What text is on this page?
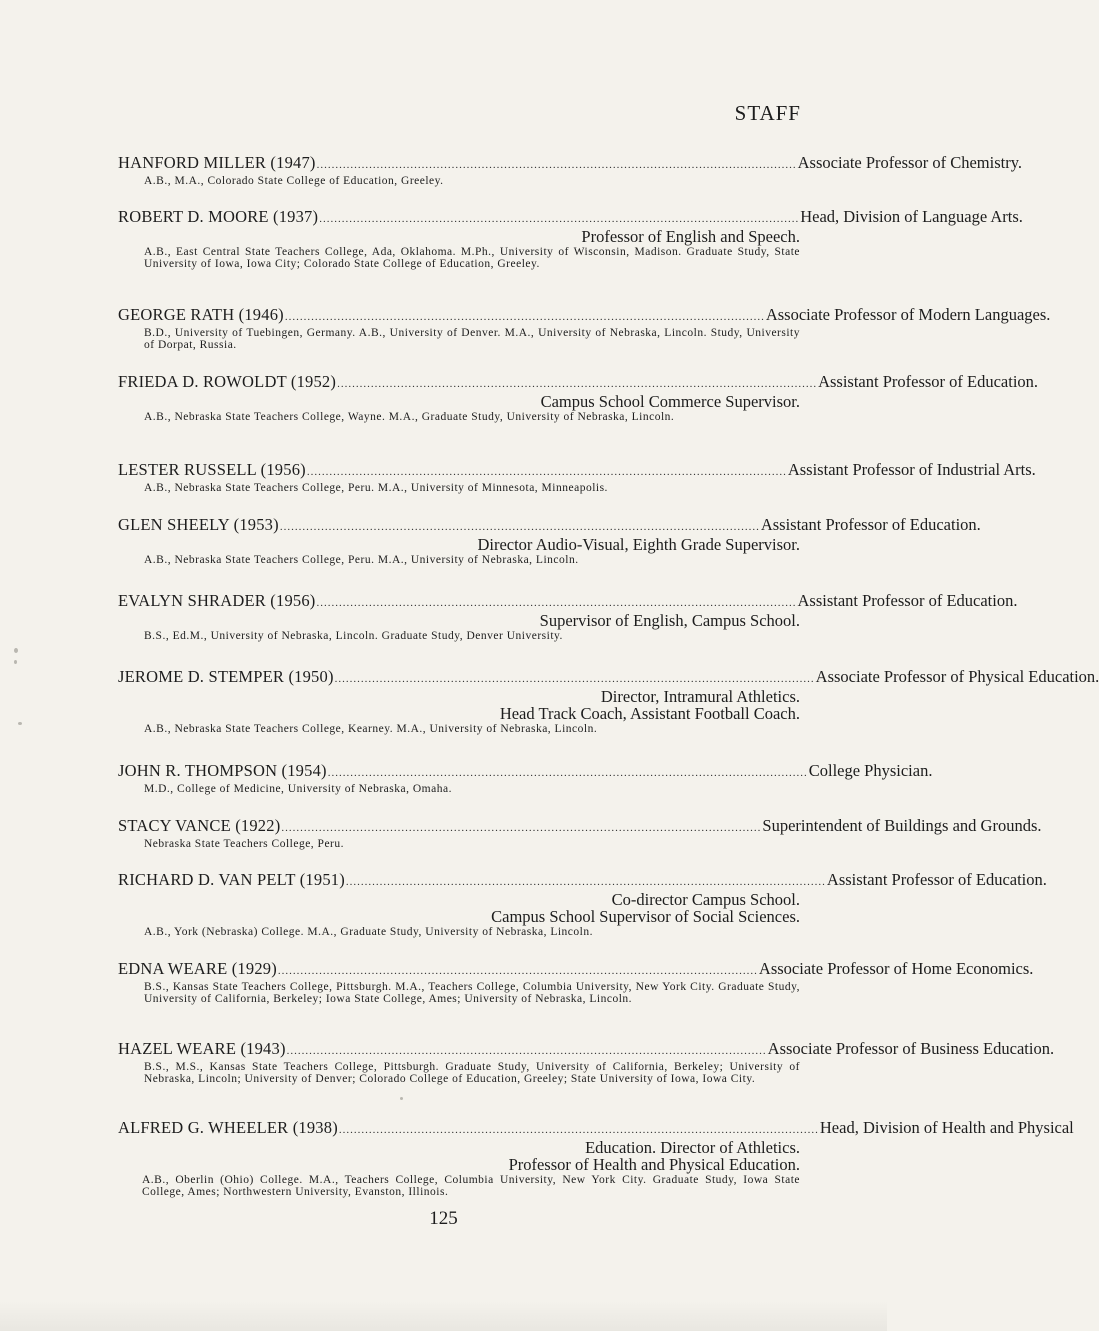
STAFF
HANFORD MILLER (1947) ................................................................................................................................ Associate Professor of Chemistry.
A.B., M.A., Colorado State College of Education, Greeley.
ROBERT D. MOORE (1937) ................................................................................................................................ Head, Division of Language Arts.
Professor of English and Speech.
A.B., East Central State Teachers College, Ada, Oklahoma. M.Ph., University of Wisconsin, Madison. Graduate Study, State University of Iowa, Iowa City; Colorado State College of Education, Greeley.
GEORGE RATH (1946) ................................................................................................................................ Associate Professor of Modern Languages.
B.D., University of Tuebingen, Germany. A.B., University of Denver. M.A., University of Nebraska, Lincoln. Study, University of Dorpat, Russia.
FRIEDA D. ROWOLDT (1952) ................................................................................................................................ Assistant Professor of Education.
Campus School Commerce Supervisor.
A.B., Nebraska State Teachers College, Wayne. M.A., Graduate Study, University of Nebraska, Lincoln.
LESTER RUSSELL (1956) ................................................................................................................................ Assistant Professor of Industrial Arts.
A.B., Nebraska State Teachers College, Peru. M.A., University of Minnesota, Minneapolis.
GLEN SHEELY (1953) ................................................................................................................................ Assistant Professor of Education.
Director Audio-Visual, Eighth Grade Supervisor.
A.B., Nebraska State Teachers College, Peru. M.A., University of Nebraska, Lincoln.
EVALYN SHRADER (1956) ................................................................................................................................ Assistant Professor of Education.
Supervisor of English, Campus School.
B.S., Ed.M., University of Nebraska, Lincoln. Graduate Study, Denver University.
JEROME D. STEMPER (1950) ................................................................................................................................ Associate Professor of Physical Education.
Director, Intramural Athletics.
Head Track Coach, Assistant Football Coach.
A.B., Nebraska State Teachers College, Kearney. M.A., University of Nebraska, Lincoln.
JOHN R. THOMPSON (1954) ................................................................................................................................ College Physician.
M.D., College of Medicine, University of Nebraska, Omaha.
STACY VANCE (1922) ................................................................................................................................ Superintendent of Buildings and Grounds.
Nebraska State Teachers College, Peru.
RICHARD D. VAN PELT (1951) ................................................................................................................................ Assistant Professor of Education.
Co-director Campus School.
Campus School Supervisor of Social Sciences.
A.B., York (Nebraska) College. M.A., Graduate Study, University of Nebraska, Lincoln.
EDNA WEARE (1929) ................................................................................................................................ Associate Professor of Home Economics.
B.S., Kansas State Teachers College, Pittsburgh. M.A., Teachers College, Columbia University, New York City. Graduate Study, University of California, Berkeley; Iowa State College, Ames; University of Nebraska, Lincoln.
HAZEL WEARE (1943) ................................................................................................................................ Associate Professor of Business Education.
B.S., M.S., Kansas State Teachers College, Pittsburgh. Graduate Study, University of California, Berkeley; University of Nebraska, Lincoln; University of Denver; Colorado College of Education, Greeley; State University of Iowa, Iowa City.
ALFRED G. WHEELER (1938) ................................................................................................................................ Head, Division of Health and Physical
Education. Director of Athletics.
Professor of Health and Physical Education.
A.B., Oberlin (Ohio) College. M.A., Teachers College, Columbia University, New York City. Graduate Study, Iowa State College, Ames; Northwestern University, Evanston, Illinois.
125
